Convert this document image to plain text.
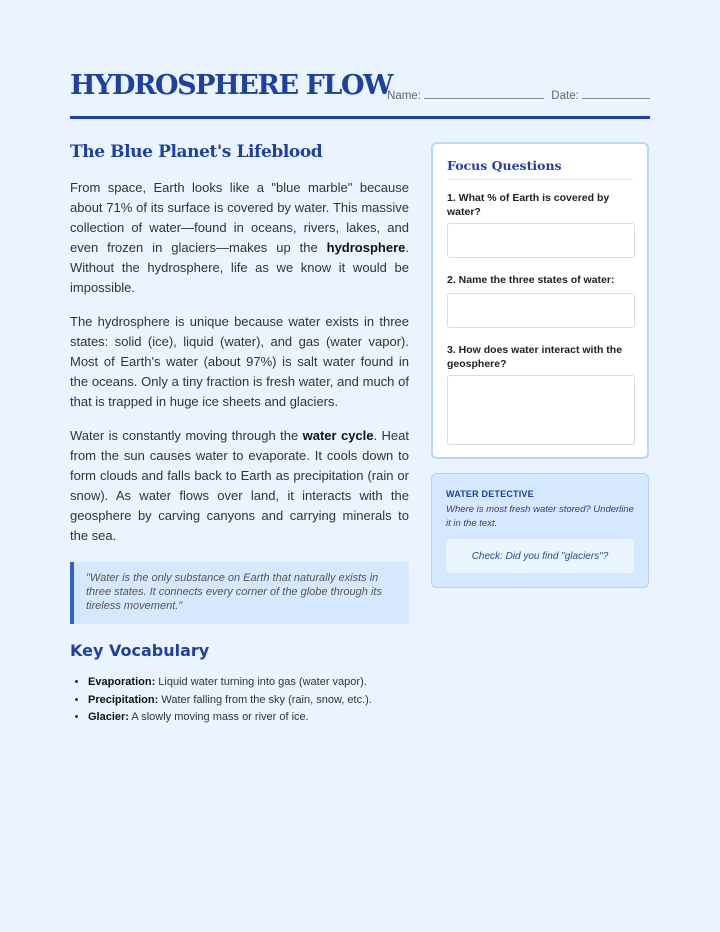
HYDROSPHERE FLOW
Name:	Date:
The Blue Planet's Lifeblood

From space, Earth looks like a "blue marble" because about 71% of its surface is covered by water. This massive collection of water—found in oceans, rivers, lakes, and even frozen in glaciers—makes up the hydrosphere. Without the hydrosphere, life as we know it would be impossible.

The hydrosphere is unique because water exists in three states: solid (ice), liquid (water), and gas (water vapor). Most of Earth's water (about 97%) is salt water found in the oceans. Only a tiny fraction is fresh water, and much of that is trapped in huge ice sheets and glaciers.

Water is constantly moving through the water cycle. Heat from the sun causes water to evaporate. It cools down to form clouds and falls back to Earth as precipitation (rain or snow). As water flows over land, it interacts with the geosphere by carving canyons and carrying minerals to the sea.

"Water is the only substance on Earth that naturally exists in three states. It connects every corner of the globe through its tireless movement."
Key Vocabulary
• Evaporation: Liquid water turning into gas (water vapor).
• Precipitation: Water falling from the sky (rain, snow, etc.).
• Glacier: A slowly moving mass or river of ice.
Focus Questions
1. What % of Earth is covered by water?
2. Name the three states of water:
3. How does water interact with the geosphere?
WATER DETECTIVE
Where is most fresh water stored? Underline it in the text.
Check: Did you find "glaciers"?
